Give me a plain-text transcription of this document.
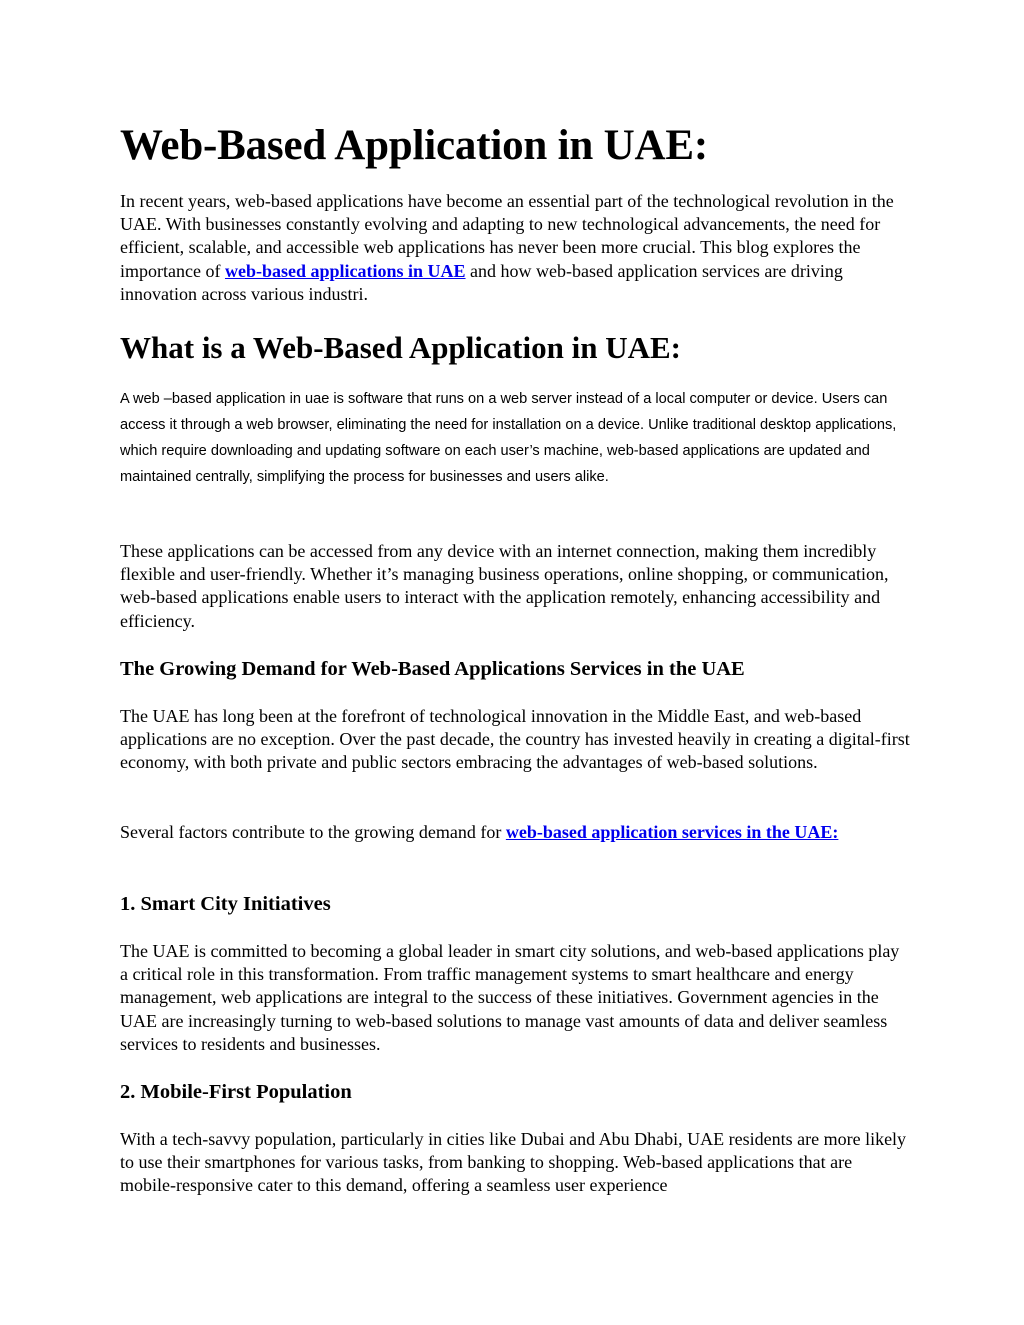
Web-Based Application in UAE:

In recent years, web-based applications have become an essential part of the technological revolution in the UAE. With businesses constantly evolving and adapting to new technological advancements, the need for efficient, scalable, and accessible web applications has never been more crucial. This blog explores the importance of web-based applications in UAE and how web-based application services are driving innovation across various industri.

What is a Web-Based Application in UAE:

A web –based application in uae is software that runs on a web server instead of a local computer or device. Users can access it through a web browser, eliminating the need for installation on a device. Unlike traditional desktop applications, which require downloading and updating software on each user’s machine, web-based applications are updated and maintained centrally, simplifying the process for businesses and users alike.

These applications can be accessed from any device with an internet connection, making them incredibly flexible and user-friendly. Whether it’s managing business operations, online shopping, or communication, web-based applications enable users to interact with the application remotely, enhancing accessibility and efficiency.

The Growing Demand for Web-Based Applications Services in the UAE

The UAE has long been at the forefront of technological innovation in the Middle East, and web-based applications are no exception. Over the past decade, the country has invested heavily in creating a digital-first economy, with both private and public sectors embracing the advantages of web-based solutions.

Several factors contribute to the growing demand for web-based application services in the UAE:

1. Smart City Initiatives

The UAE is committed to becoming a global leader in smart city solutions, and web-based applications play a critical role in this transformation. From traffic management systems to smart healthcare and energy management, web applications are integral to the success of these initiatives. Government agencies in the UAE are increasingly turning to web-based solutions to manage vast amounts of data and deliver seamless services to residents and businesses.

2. Mobile-First Population

With a tech-savvy population, particularly in cities like Dubai and Abu Dhabi, UAE residents are more likely to use their smartphones for various tasks, from banking to shopping. Web-based applications that are mobile-responsive cater to this demand, offering a seamless user experience
